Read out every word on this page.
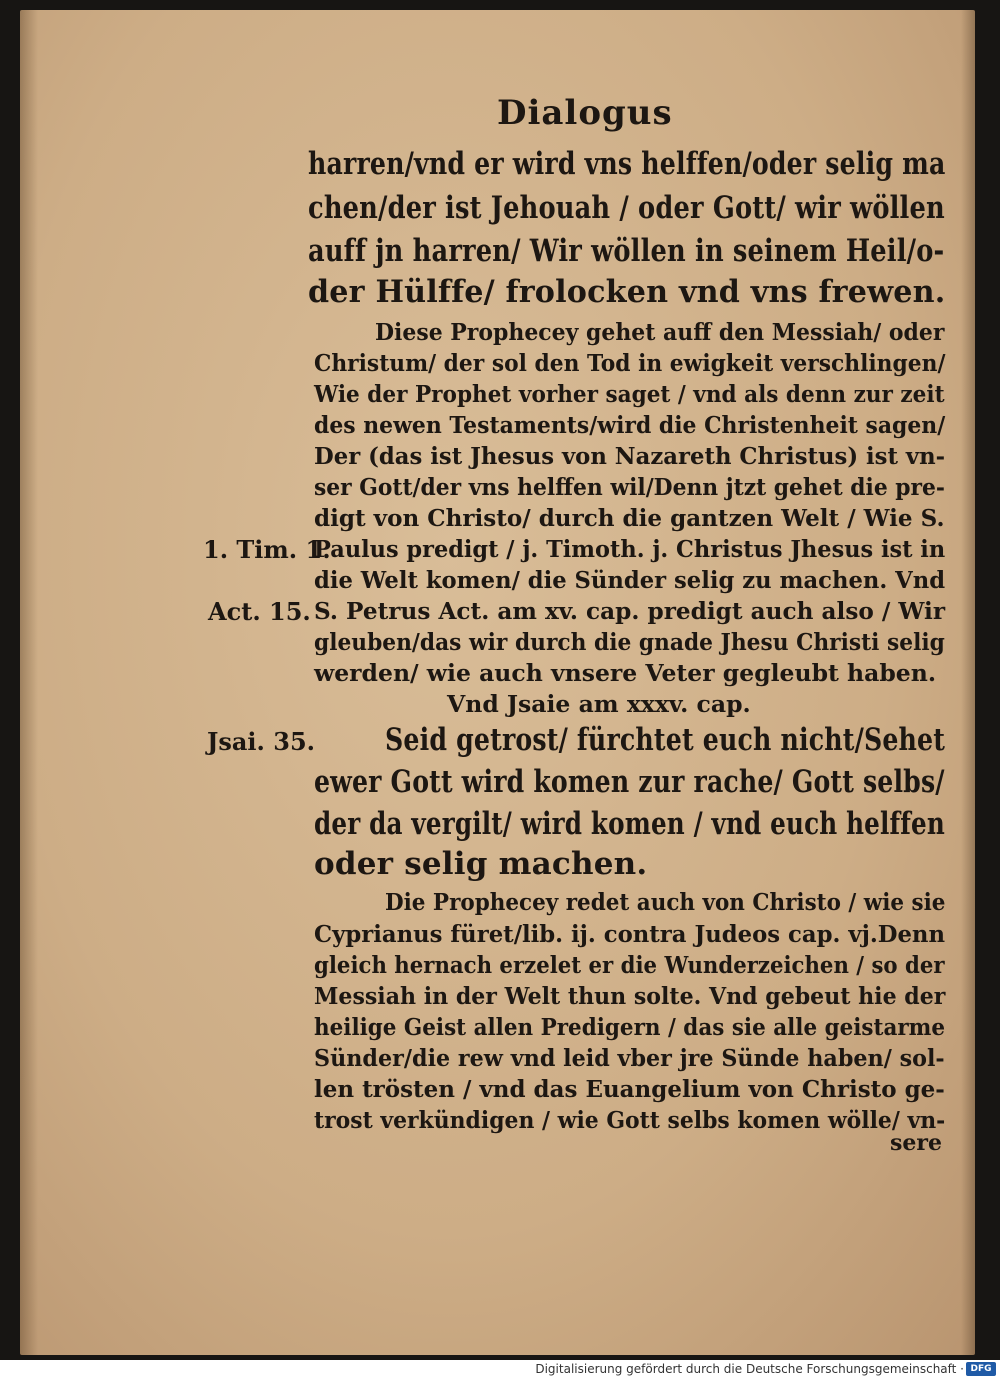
Dialogus
harren/vnd er wird vns helffen/oder selig ma
chen/der ist Jehouah / oder Gott/ wir wöllen
auff jn harren/ Wir wöllen in seinem Heil/o-
der Hülffe/ frolocken vnd vns frewen.
Diese Prophecey gehet auff den Messiah/ oder
Christum/ der sol den Tod in ewigkeit verschlingen/
Wie der Prophet vorher saget / vnd als denn zur zeit
des newen Testaments/wird die Christenheit sagen/
Der (das ist Jhesus von Nazareth Christus) ist vn-
ser Gott/der vns helffen wil/Denn jtzt gehet die pre-
digt von Christo/ durch die gantzen Welt / Wie S.
Paulus predigt / j. Timoth. j. Christus Jhesus ist in
die Welt komen/ die Sünder selig zu machen. Vnd
S. Petrus Act. am xv. cap. predigt auch also / Wir
gleuben/das wir durch die gnade Jhesu Christi selig
werden/ wie auch vnsere Veter gegleubt haben.
Vnd Jsaie am xxxv. cap.
Seid getrost/ fürchtet euch nicht/Sehet
ewer Gott wird komen zur rache/ Gott selbs/
der da vergilt/ wird komen / vnd euch helffen
oder selig machen.
Die Prophecey redet auch von Christo / wie sie
Cyprianus füret/lib. ij. contra Judeos cap. vj.Denn
gleich hernach erzelet er die Wunderzeichen / so der
Messiah in der Welt thun solte. Vnd gebeut hie der
heilige Geist allen Predigern / das sie alle geistarme
Sünder/die rew vnd leid vber jre Sünde haben/ sol-
len trösten / vnd das Euangelium von Christo ge-
trost verkündigen / wie Gott selbs komen wölle/ vn-
sere
1. Tim. 1.
Act. 15.
Jsai. 35.
Digitalisierung gefördert durch die Deutsche Forschungsgemeinschaft · DFG
